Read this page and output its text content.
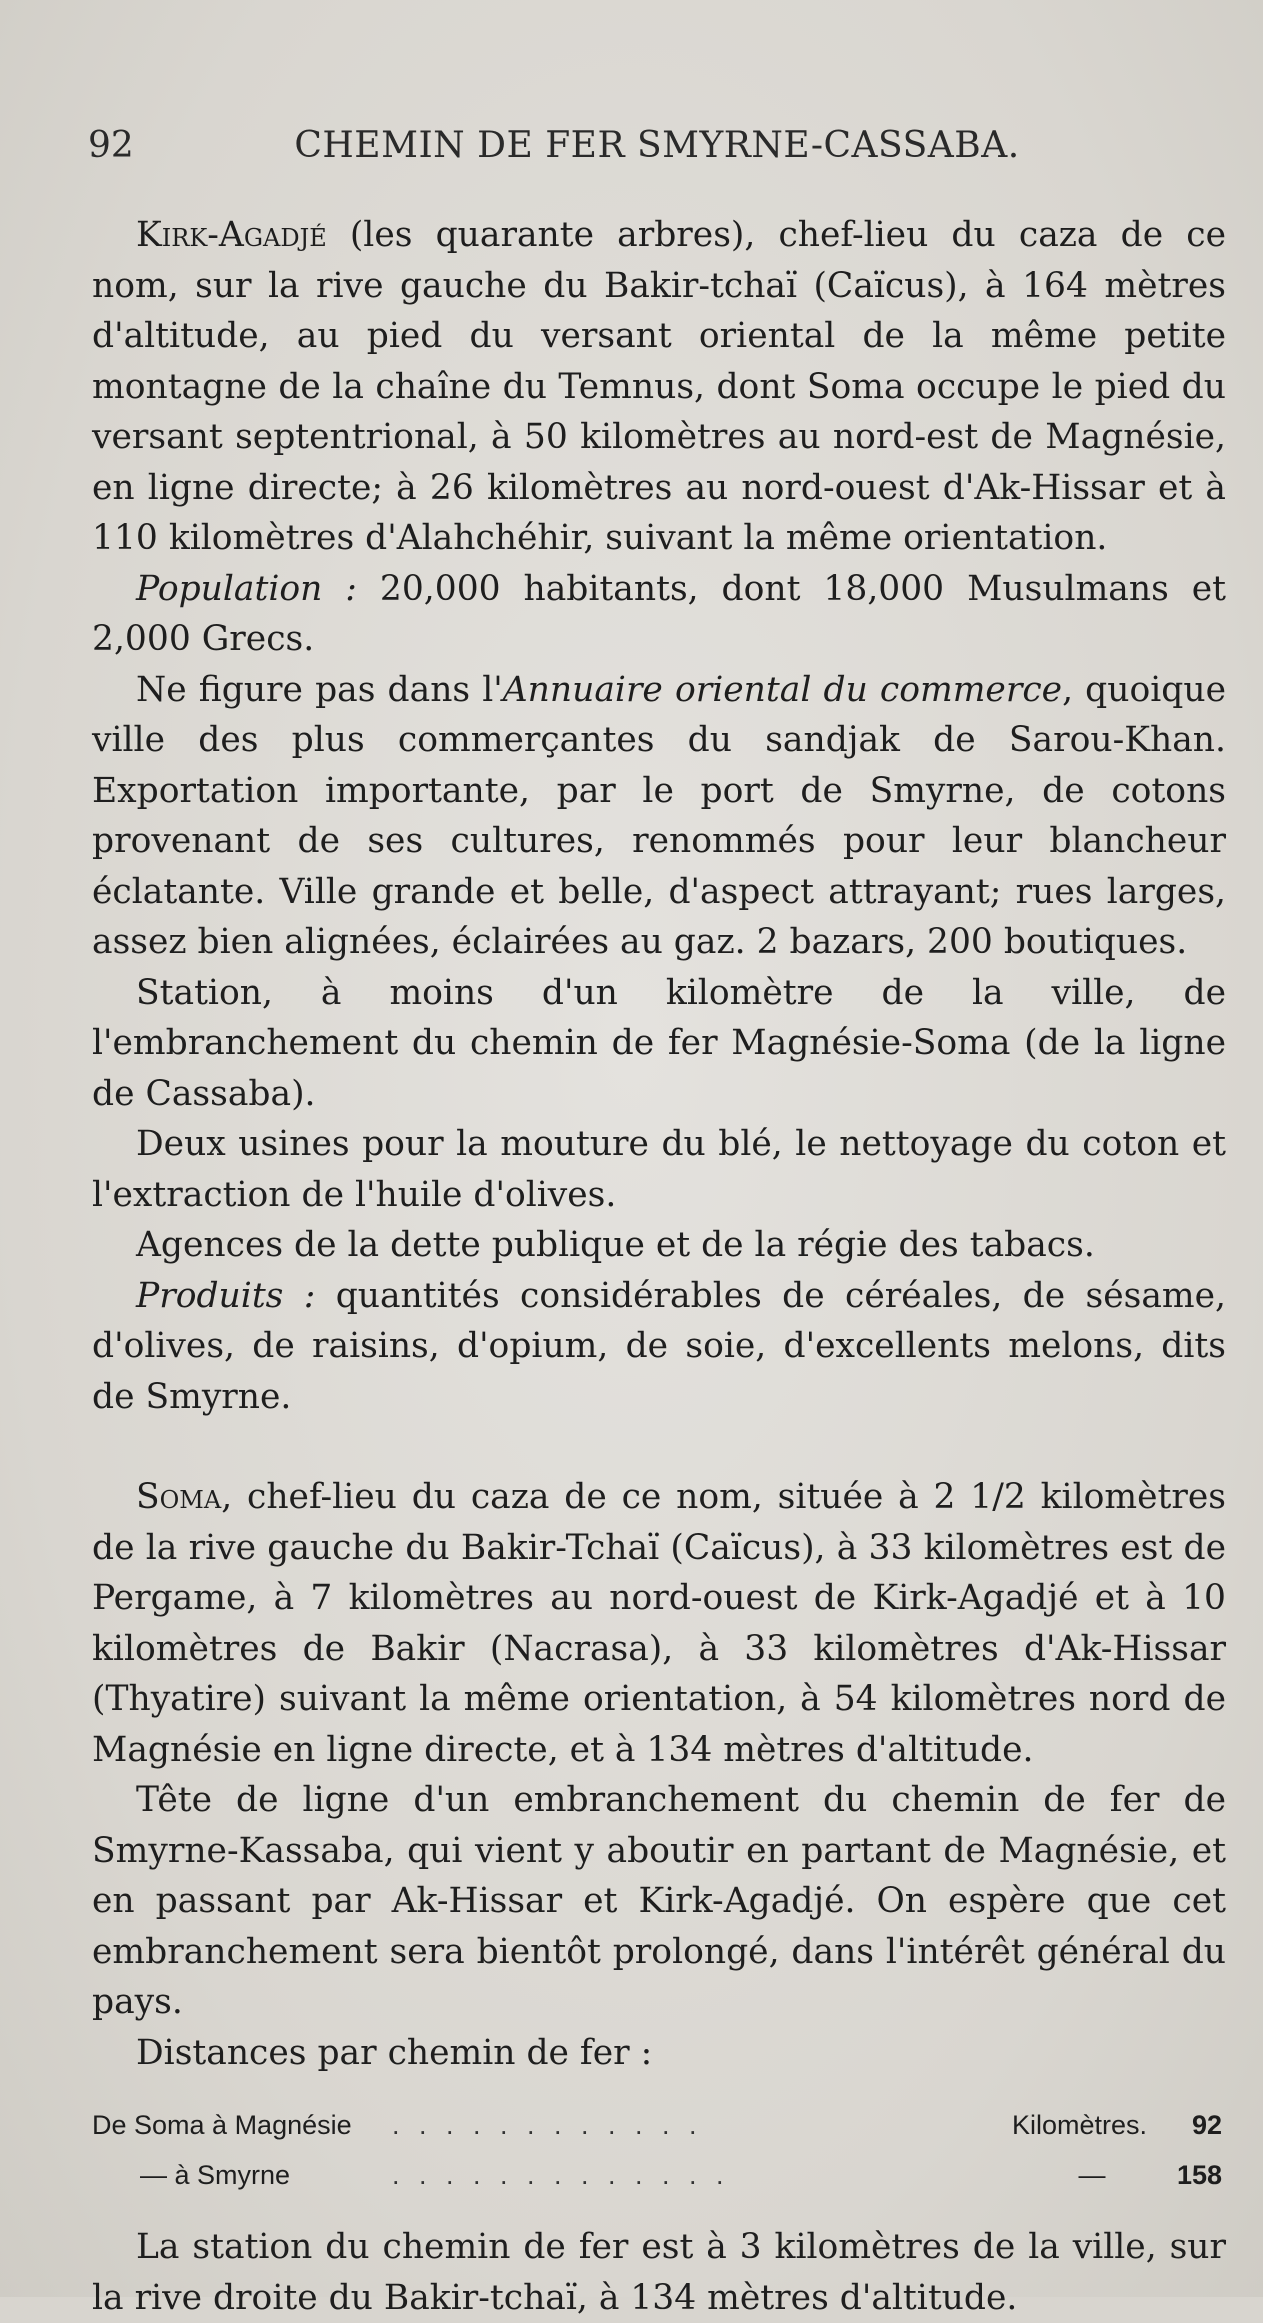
92	CHEMIN DE FER SMYRNE-CASSABA.

Kirk-Agadjé (les quarante arbres), chef-lieu du caza de ce nom, sur la rive gauche du Bakir-tchaï (Caïcus), à 164 mètres d'altitude, au pied du versant oriental de la même petite montagne de la chaîne du Temnus, dont Soma occupe le pied du versant septentrional, à 50 kilomètres au nord-est de Magnésie, en ligne directe; à 26 kilomètres au nord-ouest d'Ak-Hissar et à 110 kilomètres d'Alahchéhir, suivant la même orientation.

Population : 20,000 habitants, dont 18,000 Musulmans et 2,000 Grecs.

Ne figure pas dans l'Annuaire oriental du commerce, quoique ville des plus commerçantes du sandjak de Sarou-Khan. Exportation importante, par le port de Smyrne, de cotons provenant de ses cultures, renommés pour leur blancheur éclatante. Ville grande et belle, d'aspect attrayant; rues larges, assez bien alignées, éclairées au gaz. 2 bazars, 200 boutiques.

Station, à moins d'un kilomètre de la ville, de l'embranchement du chemin de fer Magnésie-Soma (de la ligne de Cassaba).

Deux usines pour la mouture du blé, le nettoyage du coton et l'extraction de l'huile d'olives.

Agences de la dette publique et de la régie des tabacs.

Produits : quantités considérables de céréales, de sésame, d'olives, de raisins, d'opium, de soie, d'excellents melons, dits de Smyrne.

Soma, chef-lieu du caza de ce nom, située à 2 1/2 kilomètres de la rive gauche du Bakir-Tchaï (Caïcus), à 33 kilomètres est de Pergame, à 7 kilomètres au nord-ouest de Kirk-Agadjé et à 10 kilomètres de Bakir (Nacrasa), à 33 kilomètres d'Ak-Hissar (Thyatire) suivant la même orientation, à 54 kilomètres nord de Magnésie en ligne directe, et à 134 mètres d'altitude.

Tête de ligne d'un embranchement du chemin de fer de Smyrne-Kassaba, qui vient y aboutir en partant de Magnésie, et en passant par Ak-Hissar et Kirk-Agadjé. On espère que cet embranchement sera bientôt prolongé, dans l'intérêt général du pays.

Distances par chemin de fer :

De Soma à Magnésie . . . . . . . . . . . .	Kilomètres. 92
— à Smyrne	. . . . . . . . . . . . .	—	158

La station du chemin de fer est à 3 kilomètres de la ville, sur la rive droite du Bakir-tchaï, à 134 mètres d'altitude.
